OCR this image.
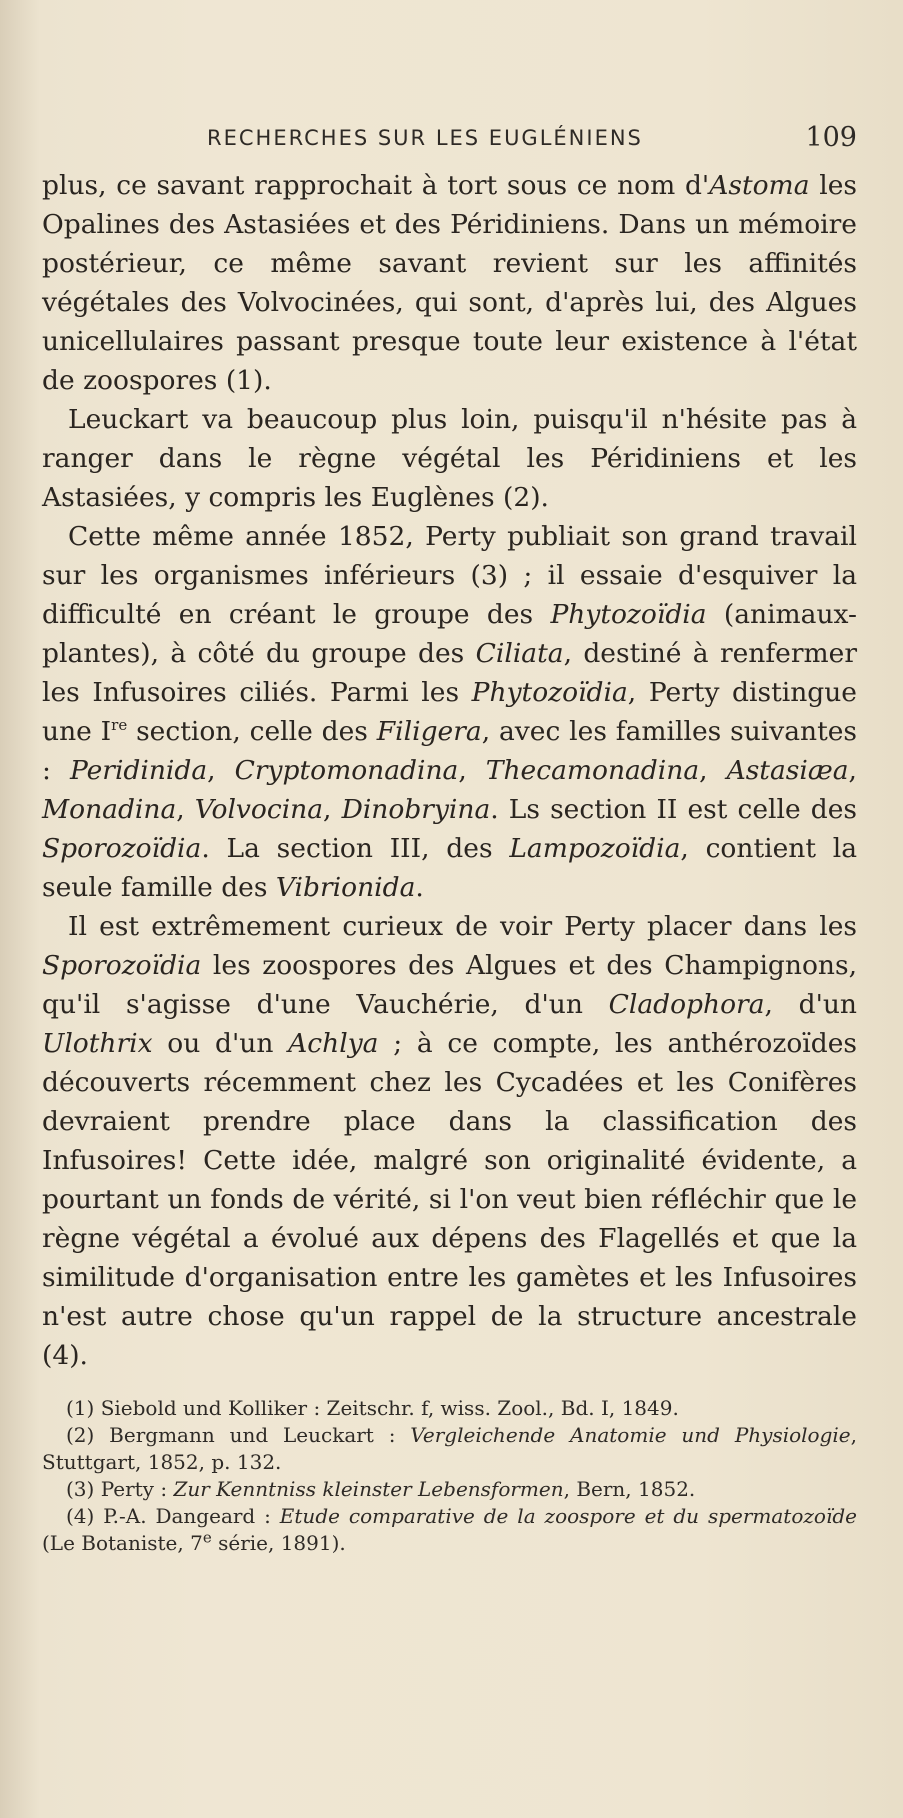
RECHERCHES SUR LES EUGLÉNIENS	109

plus, ce savant rapprochait à tort sous ce nom d'Astoma les Opalines des Astasiées et des Péridiniens. Dans un mémoire postérieur, ce même savant revient sur les affinités végétales des Volvocinées, qui sont, d'après lui, des Algues unicellulaires passant presque toute leur existence à l'état de zoospores (1).

Leuckart va beaucoup plus loin, puisqu'il n'hésite pas à ranger dans le règne végétal les Péridiniens et les Astasiées, y compris les Euglènes (2).

Cette même année 1852, Perty publiait son grand travail sur les organismes inférieurs (3) ; il essaie d'esquiver la difficulté en créant le groupe des Phytozoïdia (animaux-plantes), à côté du groupe des Ciliata, destiné à renfermer les Infusoires ciliés. Parmi les Phytozoïdia, Perty distingue une Ire section, celle des Filigera, avec les familles suivantes : Peridinida, Cryptomonadina, Thecamonadina, Astasiæa, Monadina, Volvocina, Dinobryina. Ls section II est celle des Sporozoïdia. La section III, des Lampozoïdia, contient la seule famille des Vibrionida.

Il est extrêmement curieux de voir Perty placer dans les Sporozoïdia les zoospores des Algues et des Champignons, qu'il s'agisse d'une Vauchérie, d'un Cladophora, d'un Ulothrix ou d'un Achlya ; à ce compte, les anthérozoïdes découverts récemment chez les Cycadées et les Conifères devraient prendre place dans la classification des Infusoires! Cette idée, malgré son originalité évidente, a pourtant un fonds de vérité, si l'on veut bien réfléchir que le règne végétal a évolué aux dépens des Flagellés et que la similitude d'organisation entre les gamètes et les Infusoires n'est autre chose qu'un rappel de la structure ancestrale (4).

(1) Siebold und Kolliker : Zeitschr. f, wiss. Zool., Bd. I, 1849.

(2) Bergmann und Leuckart : Vergleichende Anatomie und Physiologie, Stuttgart, 1852, p. 132.

(3) Perty : Zur Kenntniss kleinster Lebensformen, Bern, 1852.

(4) P.-A. Dangeard : Etude comparative de la zoospore et du spermatozoïde (Le Botaniste, 7e série, 1891).
